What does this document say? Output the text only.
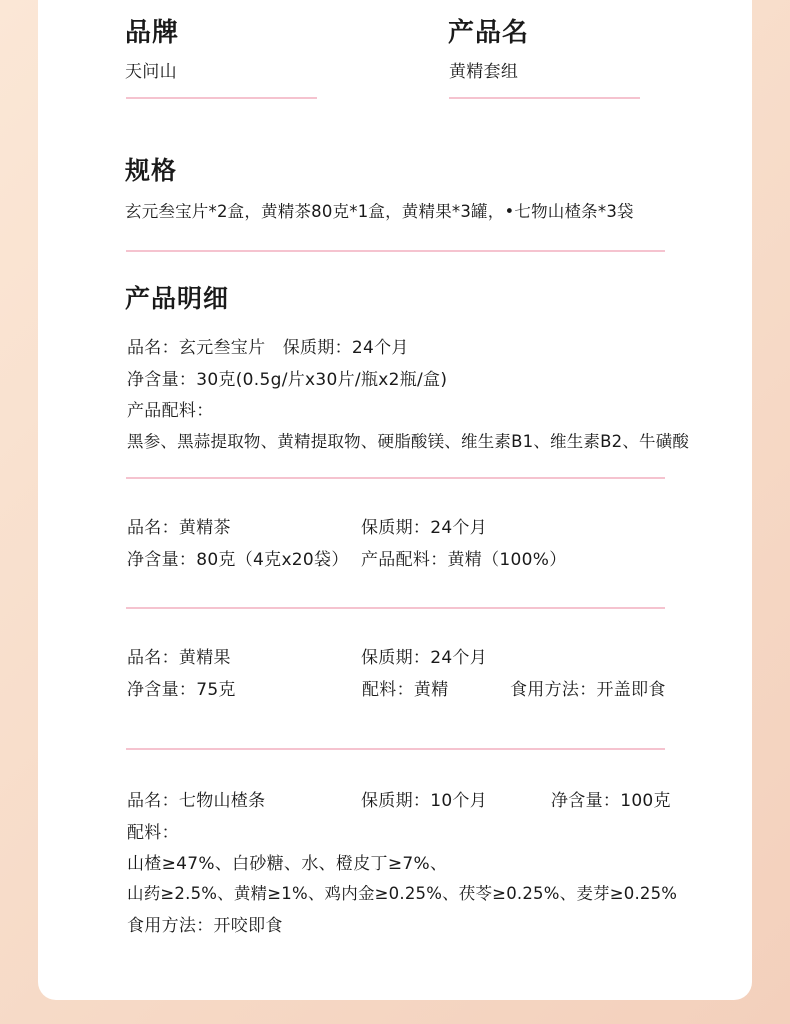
品牌
天问山
产品名
黄精套组
规格
玄元叁宝片*2盒，黄精茶80克*1盒，黄精果*3罐，•七物山楂条*3袋
产品明细
品名：玄元叁宝片　保质期：24个月
净含量：30克(0.5g/片x30片/瓶x2瓶/盒)
产品配料：
黑参、黑蒜提取物、黄精提取物、硬脂酸镁、维生素B1、维生素B2、牛磺酸
品名：黄精茶	保质期：24个月
净含量：80克（4克x20袋） 产品配料：黄精（100%）
品名：黄精果	保质期：24个月
净含量：75克	配料：黄精	食用方法：开盖即食
品名：七物山楂条	保质期：10个月	净含量：100克
配料：
山楂≥47%、白砂糖、水、橙皮丁≥7%、
山药≥2.5%、黄精≥1%、鸡内金≥0.25%、茯苓≥0.25%、麦芽≥0.25%
食用方法：开咬即食
